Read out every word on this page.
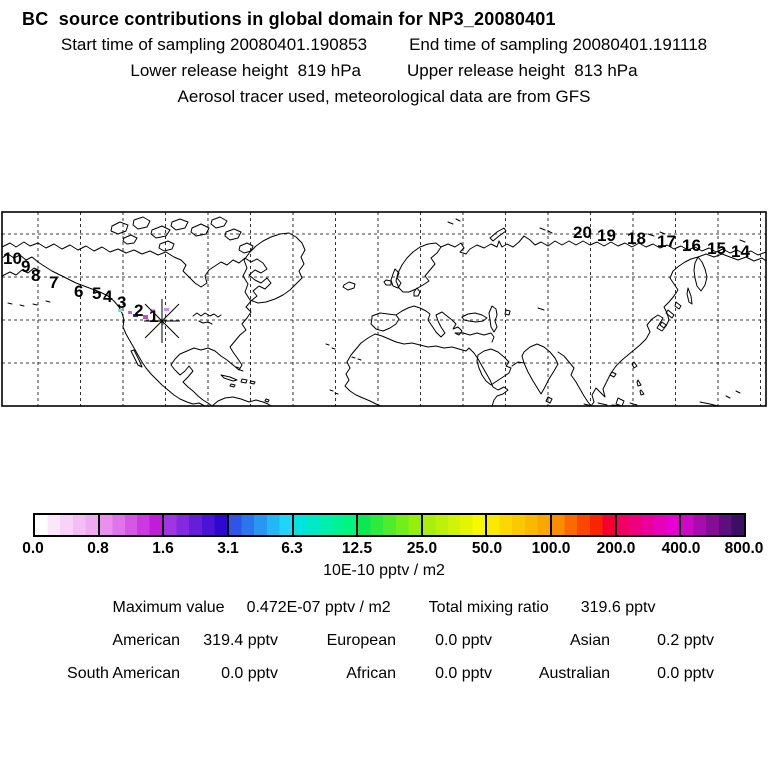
BC  source contributions in global domain for NP3_20080401
Start time of sampling 20080401.190853 End time of sampling 20080401.191118
Lower release height  819 hPa	Upper release height  813 hPa
Aerosol tracer used, meteorological data are from GFS
1
2
3
4
5
6
7
8
9
10	14
15
16
17
18
19
20
0.0	0.8	1.6	3.1	6.3	12.5 25.0 50.0 100.0 200.0 400.0 800.0
10E-10 pptv / m2
Maximum value 0.472E-07 pptv / m2 Total mixing ratio 319.6 pptv
American	319.4 pptv	European	0.0 pptv	Asian	0.2 pptv
South American	0.0 pptv	African	0.0 pptv	Australian	0.0 pptv
